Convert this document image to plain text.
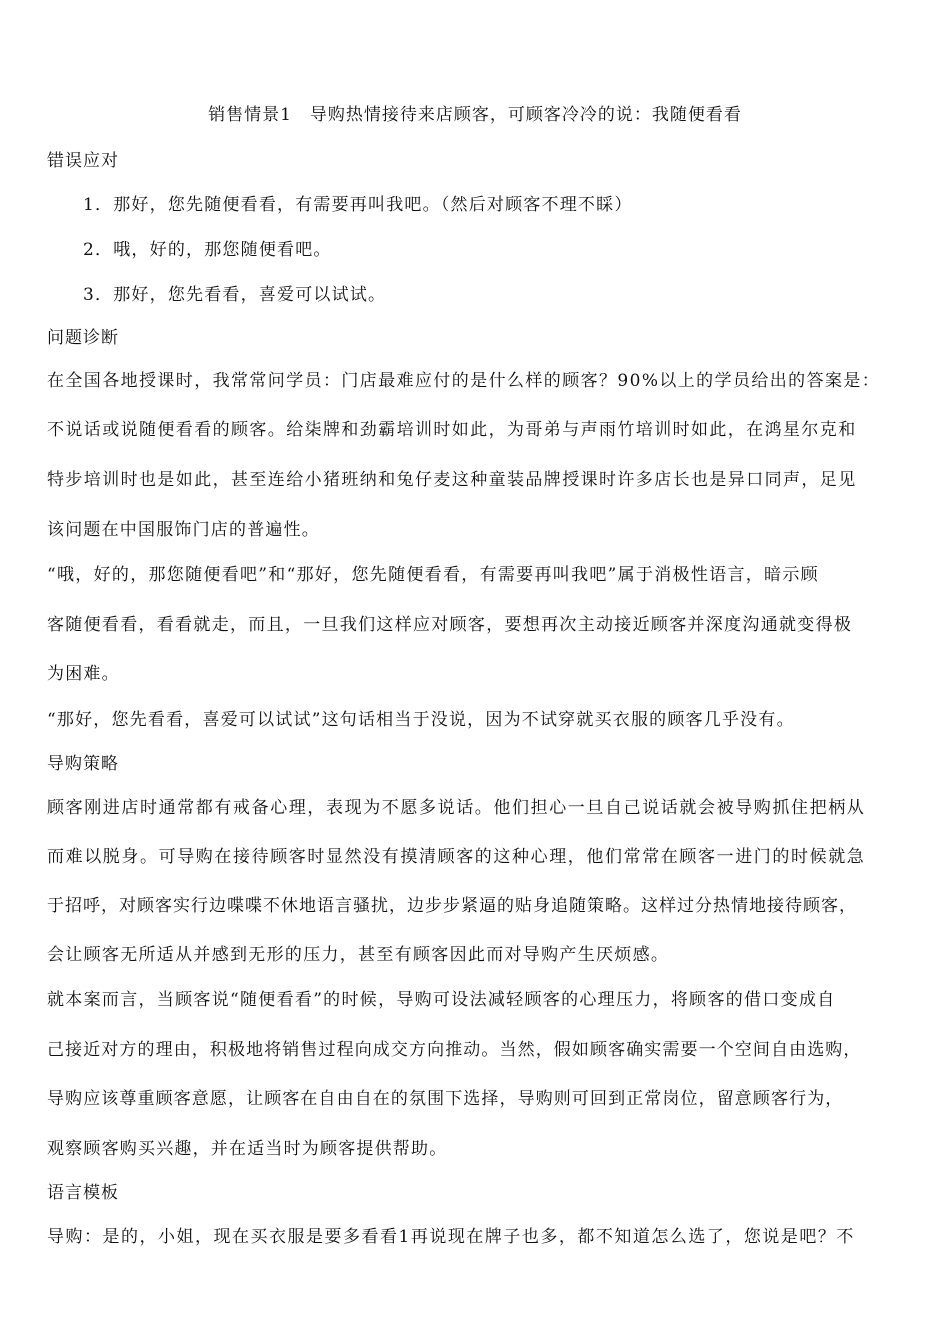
销售情景1　导购热情接待来店顾客，可顾客冷冷的说：我随便看看
错误应对
1．那好，您先随便看看，有需要再叫我吧。（然后对顾客不理不睬）
2．哦，好的，那您随便看吧。
3．那好，您先看看，喜爱可以试试。
问题诊断
在全国各地授课时，我常常问学员：门店最难应付的是什么样的顾客？90%以上的学员给出的答案是：
不说话或说随便看看的顾客。给柒牌和劲霸培训时如此，为哥弟与声雨竹培训时如此，在鸿星尔克和
特步培训时也是如此，甚至连给小猪班纳和兔仔麦这种童装品牌授课时许多店长也是异口同声，足见
该问题在中国服饰门店的普遍性。
“哦，好的，那您随便看吧”和“那好，您先随便看看，有需要再叫我吧”属于消极性语言，暗示顾
客随便看看，看看就走，而且，一旦我们这样应对顾客，要想再次主动接近顾客并深度沟通就变得极
为困难。
“那好，您先看看，喜爱可以试试”这句话相当于没说，因为不试穿就买衣服的顾客几乎没有。
导购策略
顾客刚进店时通常都有戒备心理，表现为不愿多说话。他们担心一旦自己说话就会被导购抓住把柄从
而难以脱身。可导购在接待顾客时显然没有摸清顾客的这种心理，他们常常在顾客一进门的时候就急
于招呼，对顾客实行边喋喋不休地语言骚扰，边步步紧逼的贴身追随策略。这样过分热情地接待顾客，
会让顾客无所适从并感到无形的压力，甚至有顾客因此而对导购产生厌烦感。
就本案而言，当顾客说“随便看看”的时候，导购可设法减轻顾客的心理压力，将顾客的借口变成自
己接近对方的理由，积极地将销售过程向成交方向推动。当然，假如顾客确实需要一个空间自由选购，
导购应该尊重顾客意愿，让顾客在自由自在的氛围下选择，导购则可回到正常岗位，留意顾客行为，
观察顾客购买兴趣，并在适当时为顾客提供帮助。
语言模板
导购：是的，小姐，现在买衣服是要多看看1再说现在牌子也多，都不知道怎么选了，您说是吧？不
